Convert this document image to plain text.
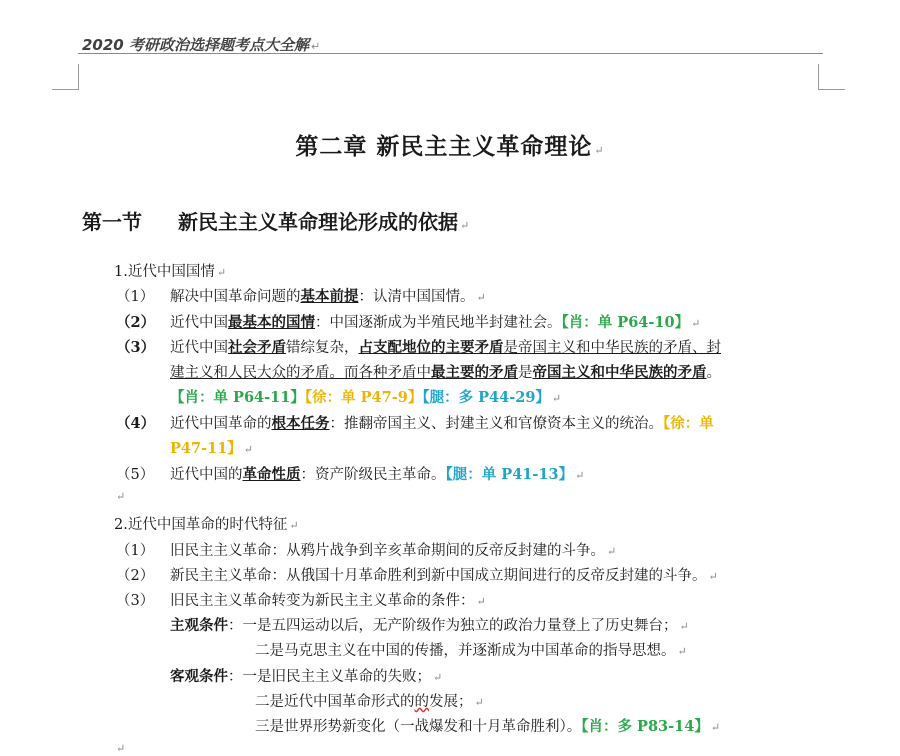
2020 考研政治选择题考点大全解 ↵
第二章 新民主主义革命理论 ↵
第一节 新民主主义革命理论形成的依据 ↵
1.近代中国国情 ↵
（1） 解决中国革命问题的基本前提：认清中国国情。 ↵
（2） 近代中国最基本的国情：中国逐渐成为半殖民地半封建社会。【肖：单 P64-10】 ↵
（3） 近代中国社会矛盾错综复杂，占支配地位的主要矛盾是帝国主义和中华民族的矛盾、封
建主义和人民大众的矛盾。而各种矛盾中最主要的矛盾是帝国主义和中华民族的矛盾。
【肖：单 P64-11】【徐：单 P47-9】【腿：多 P44-29】 ↵
（4） 近代中国革命的根本任务：推翻帝国主义、封建主义和官僚资本主义的统治。【徐：单
P47-11】 ↵
（5） 近代中国的革命性质：资产阶级民主革命。【腿：单 P41-13】 ↵
↵
2.近代中国革命的时代特征 ↵
（1） 旧民主主义革命：从鸦片战争到辛亥革命期间的反帝反封建的斗争。 ↵
（2） 新民主主义革命：从俄国十月革命胜利到新中国成立期间进行的反帝反封建的斗争。 ↵
（3） 旧民主主义革命转变为新民主主义革命的条件： ↵
主观条件：一是五四运动以后，无产阶级作为独立的政治力量登上了历史舞台； ↵
二是马克思主义在中国的传播，并逐渐成为中国革命的指导思想。 ↵
客观条件：一是旧民主主义革命的失败； ↵
二是近代中国革命形式的的发展； ↵
三是世界形势新变化（一战爆发和十月革命胜利）。【肖：多 P83-14】 ↵
↵
